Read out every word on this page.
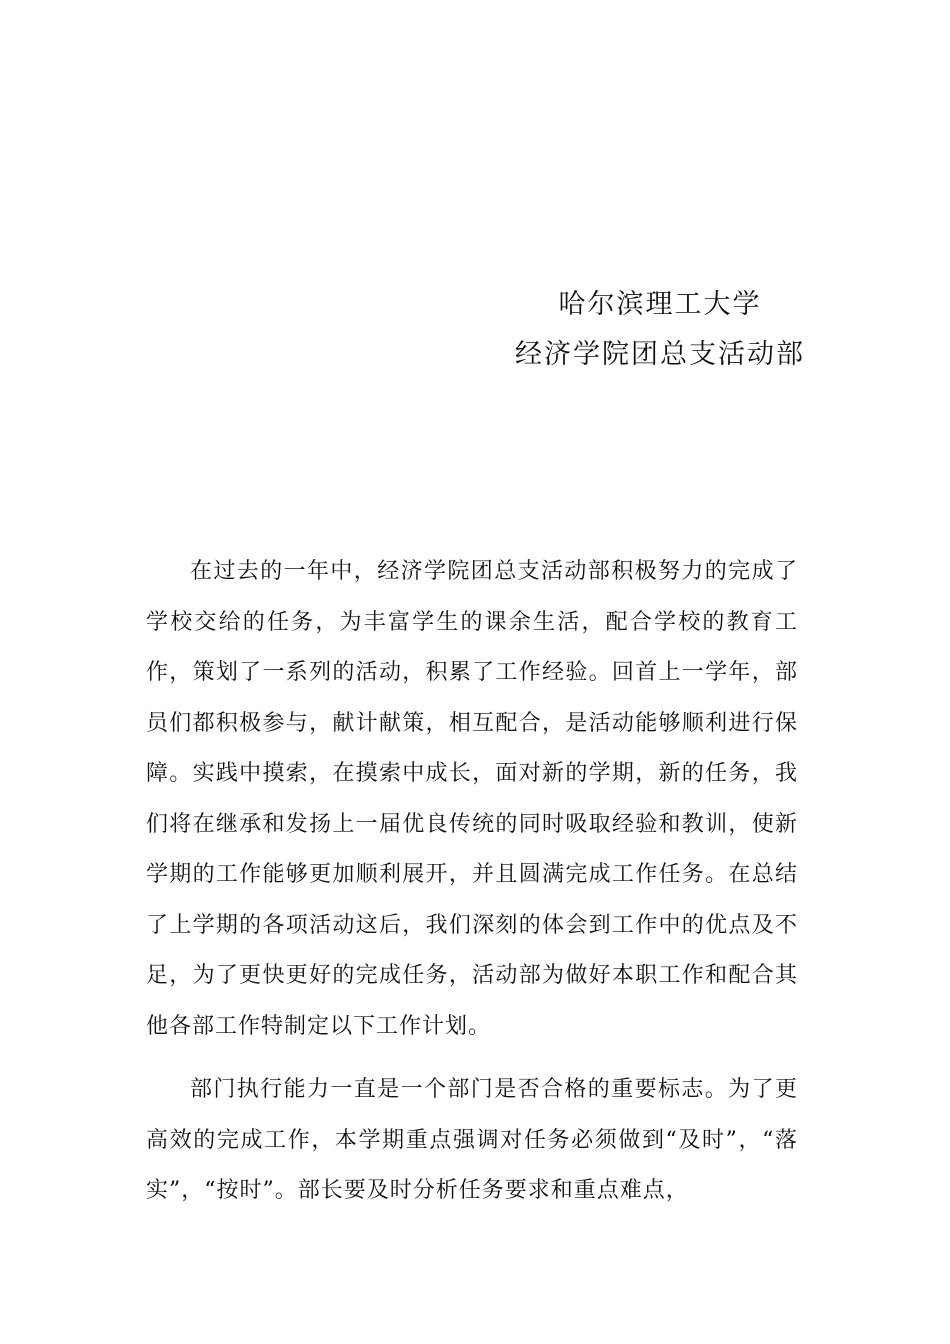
哈尔滨理工大学
经济学院团总支活动部

在过去的一年中，经济学院团总支活动部积极努力的完成了学校交给的任务，为丰富学生的课余生活，配合学校的教育工作，策划了一系列的活动，积累了工作经验。回首上一学年，部员们都积极参与，献计献策，相互配合，是活动能够顺利进行保障。实践中摸索，在摸索中成长，面对新的学期，新的任务，我们将在继承和发扬上一届优良传统的同时吸取经验和教训，使新学期的工作能够更加顺利展开，并且圆满完成工作任务。在总结了上学期的各项活动这后，我们深刻的体会到工作中的优点及不足，为了更快更好的完成任务，活动部为做好本职工作和配合其他各部工作特制定以下工作计划。

部门执行能力一直是一个部门是否合格的重要标志。为了更高效的完成工作，本学期重点强调对任务必须做到“及时”，“落实”，“按时”。部长要及时分析任务要求和重点难点，
